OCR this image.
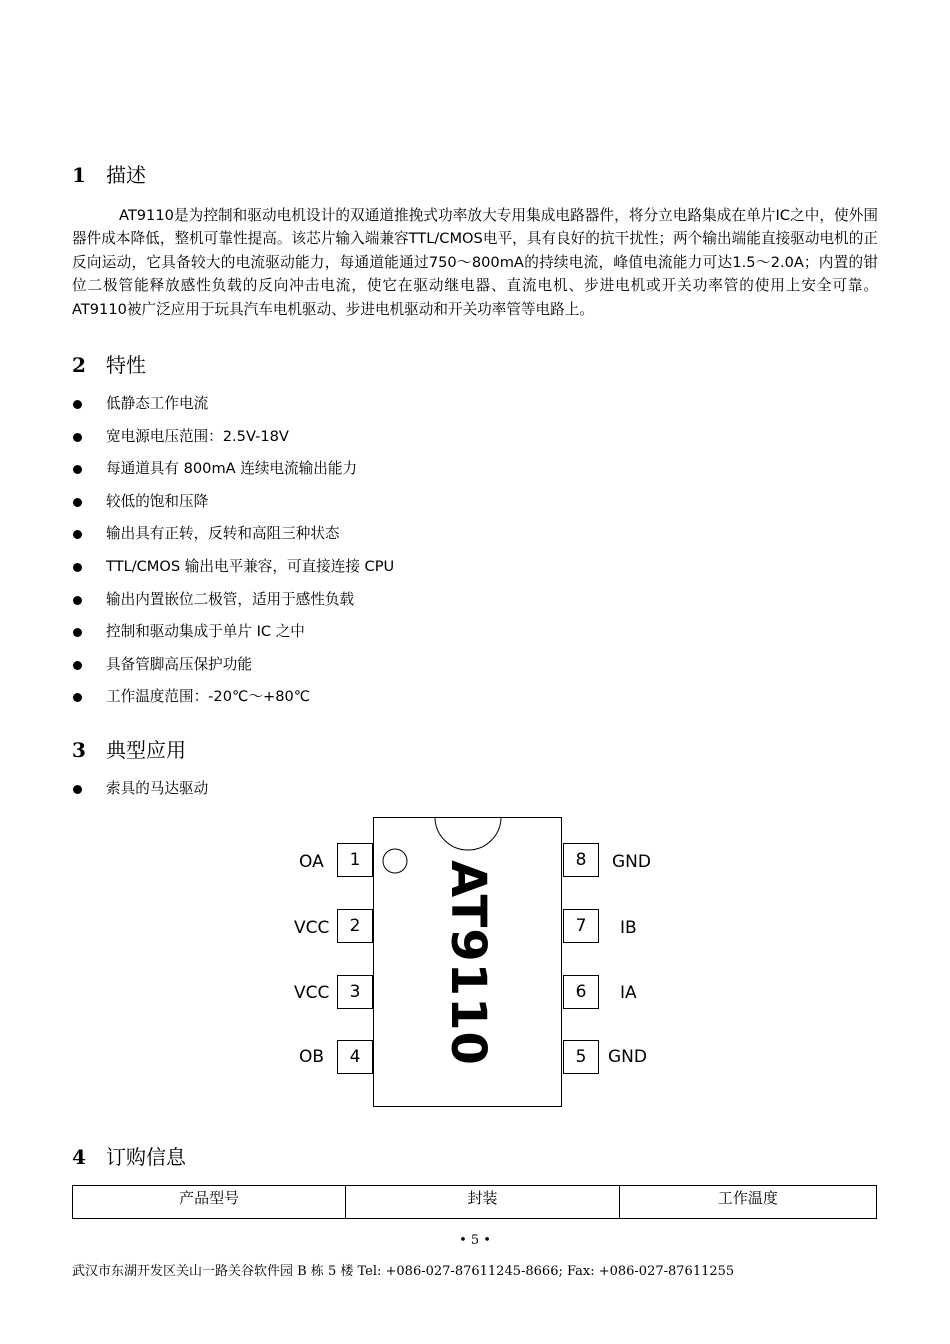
1 描述

AT9110是为控制和驱动电机设计的双通道推挽式功率放大专用集成电路器件，将分立电路集成在单片IC之中，使外围器件成本降低，整机可靠性提高。该芯片输入端兼容TTL/CMOS电平，具有良好的抗干扰性；两个输出端能直接驱动电机的正反向运动，它具备较大的电流驱动能力，每通道能通过750～800mA的持续电流，峰值电流能力可达1.5～2.0A；内置的钳位二极管能释放感性负载的反向冲击电流，使它在驱动继电器、直流电机、步进电机或开关功率管的使用上安全可靠。AT9110被广泛应用于玩具汽车电机驱动、步进电机驱动和开关功率管等电路上。

2 特性
低静态工作电流
宽电源电压范围：2.5V-18V
每通道具有 800mA 连续电流输出能力
较低的饱和压降
输出具有正转，反转和高阻三种状态
TTL/CMOS 输出电平兼容，可直接连接 CPU
输出内置嵌位二极管，适用于感性负载
控制和驱动集成于单片 IC 之中
具备管脚高压保护功能
工作温度范围：-20℃～+80℃
3 典型应用
索具的马达驱动
AT9110
1
2
3
4
OA
VCC
VCC
OB
8
7
6
5
GND
IB
IA
GND
4 订购信息
产品型号	封装	工作温度
• 5 •
武汉市东湖开发区关山一路关谷软件园 B 栋 5 楼 Tel: +086-027-87611245-8666; Fax: +086-027-87611255
